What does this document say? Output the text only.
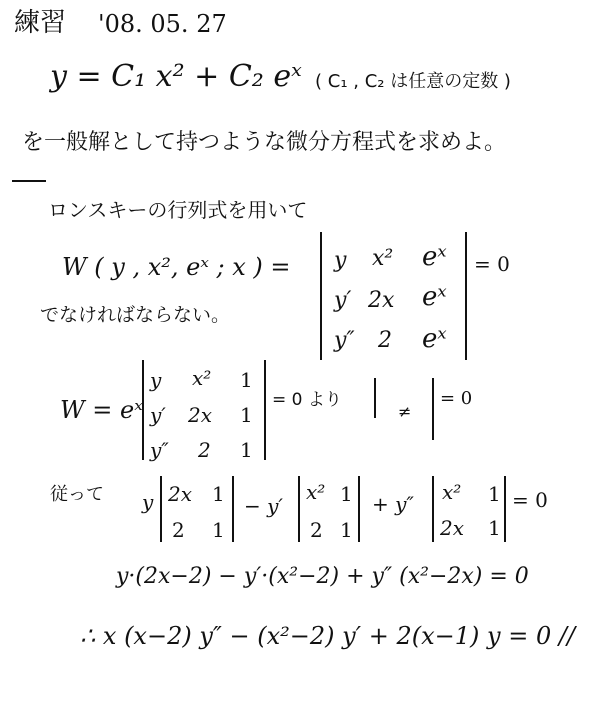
練習 '08. 05. 27
y = C₁ x² + C₂ eˣ ( C₁ , C₂ は任意の定数 )
を一般解として持つような微分方程式を求めよ。
ロンスキーの行列式を用いて
W ( y , x², eˣ ; x ) = y x² eˣ
y′ 2x eˣ
y″ 2 eˣ
= 0
でなければならない。
W = eˣ
y x² 1
y′ 2x 1
y″ 2 1
= 0 より
≠
= 0
従って y 2x 1
2 1
− y′
x² 1
2 1
+ y″ x² 1
2x 1
= 0
y·(2x−2) − y′·(x²−2) + y″ (x²−2x) = 0
∴ x (x−2) y″ − (x²−2) y′ + 2(x−1) y = 0 //
